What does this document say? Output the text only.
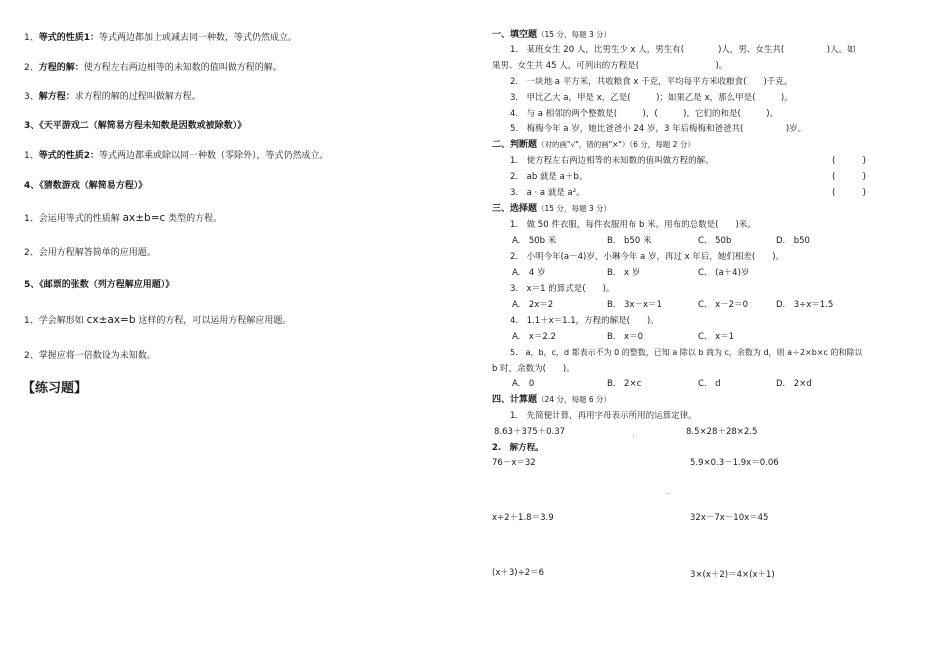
1、等式的性质1：等式两边都加上或减去同一种数，等式仍然成立。
2、方程的解：使方程左右两边相等的未知数的值叫做方程的解。
3、解方程：求方程的解的过程叫做解方程。
3、《天平游戏二（解简易方程未知数是因数或被除数）》
1、等式的性质2：等式两边都乘或除以同一种数（零除外），等式仍然成立。
4、《猜数游戏（解简易方程）》
1、会运用等式的性质解 ax±b=c 类型的方程。
2、会用方程解答简单的应用题。
5、《邮票的张数（列方程解应用题）》
1、学会解形如 cx±ax=b 这样的方程，可以运用方程解应用题。
2、掌握应将一倍数设为未知数。
【练习题】
一、填空题（15 分，每题 3 分）
1.　某班女生 20 人，比男生少 x 人，男生有(　　　　)人，男、女生共(　　　　　)人。如
果男、女生共 45 人，可列出的方程是(　　　　　　　　　)。
2.　一块地 a 平方米，共收粮食 x 千克，平均每平方米收粮食(　　)千克。
3.　甲比乙大 a，甲是 x，乙是(　　　)；如果乙是 x，那么甲是(　　　)。
4.　与 a 相邻的两个整数是(　　　)，(　　　)，它们的和是(　　　)。
5.　梅梅今年 a 岁，她比爸爸小 24 岁，3 年后梅梅和爸爸共(　　　　　)岁。
二、判断题（对的画"√"，错的画"×"）（6 分，每题 2 分）
1.　使方程左右两边相等的未知数的值叫做方程的解。	(　　　)
2.　ab 就是 a＋b。	(　　　)
3.　a · a 就是 a²。	(　　　)
三、选择题（15 分，每题 3 分）
1.　做 50 件衣服，每件衣服用布 b 米。用布的总数是(　　)米。
A.　50b 米	B.　b50 米	C.　50b	D.　b50
2.　小明今年(a－4)岁，小琳今年 a 岁，再过 x 年后，她们相差(　　)。
A.　4 岁	B.　x 岁	C.　(a＋4)岁
3.　x＝1 的算式是(　　)。
A.　2x＝2	B.　3x－x＝1	C.　x－2＝0	D.　3÷x＝1.5
4.　1.1＋x＝1.1，方程的解是(　　)。
A.　x＝2.2	B.　x＝0	C.　x＝1
5.　a，b，c，d 都表示不为 0 的整数，已知 a 除以 b 商为 c，余数为 d，则 a＋2×b×c 的和除以
b 时，余数为(　　)。
A.　0	B.　2×c	C.　d	D.　2×d
四、计算题（24 分，每题 6 分）
1.　先简便计算，再用字母表示所用的运算定律。
8.63＋375＋0.37	8.5×28＋28×2.5
2.　解方程。
76－x＝32	5.9×0.3－1.9x＝0.06
x÷2＋1.8＝3.9	32x－7x－10x＝45
(x＋3)÷2＝6	3×(x＋2)＝4×(x＋1)
